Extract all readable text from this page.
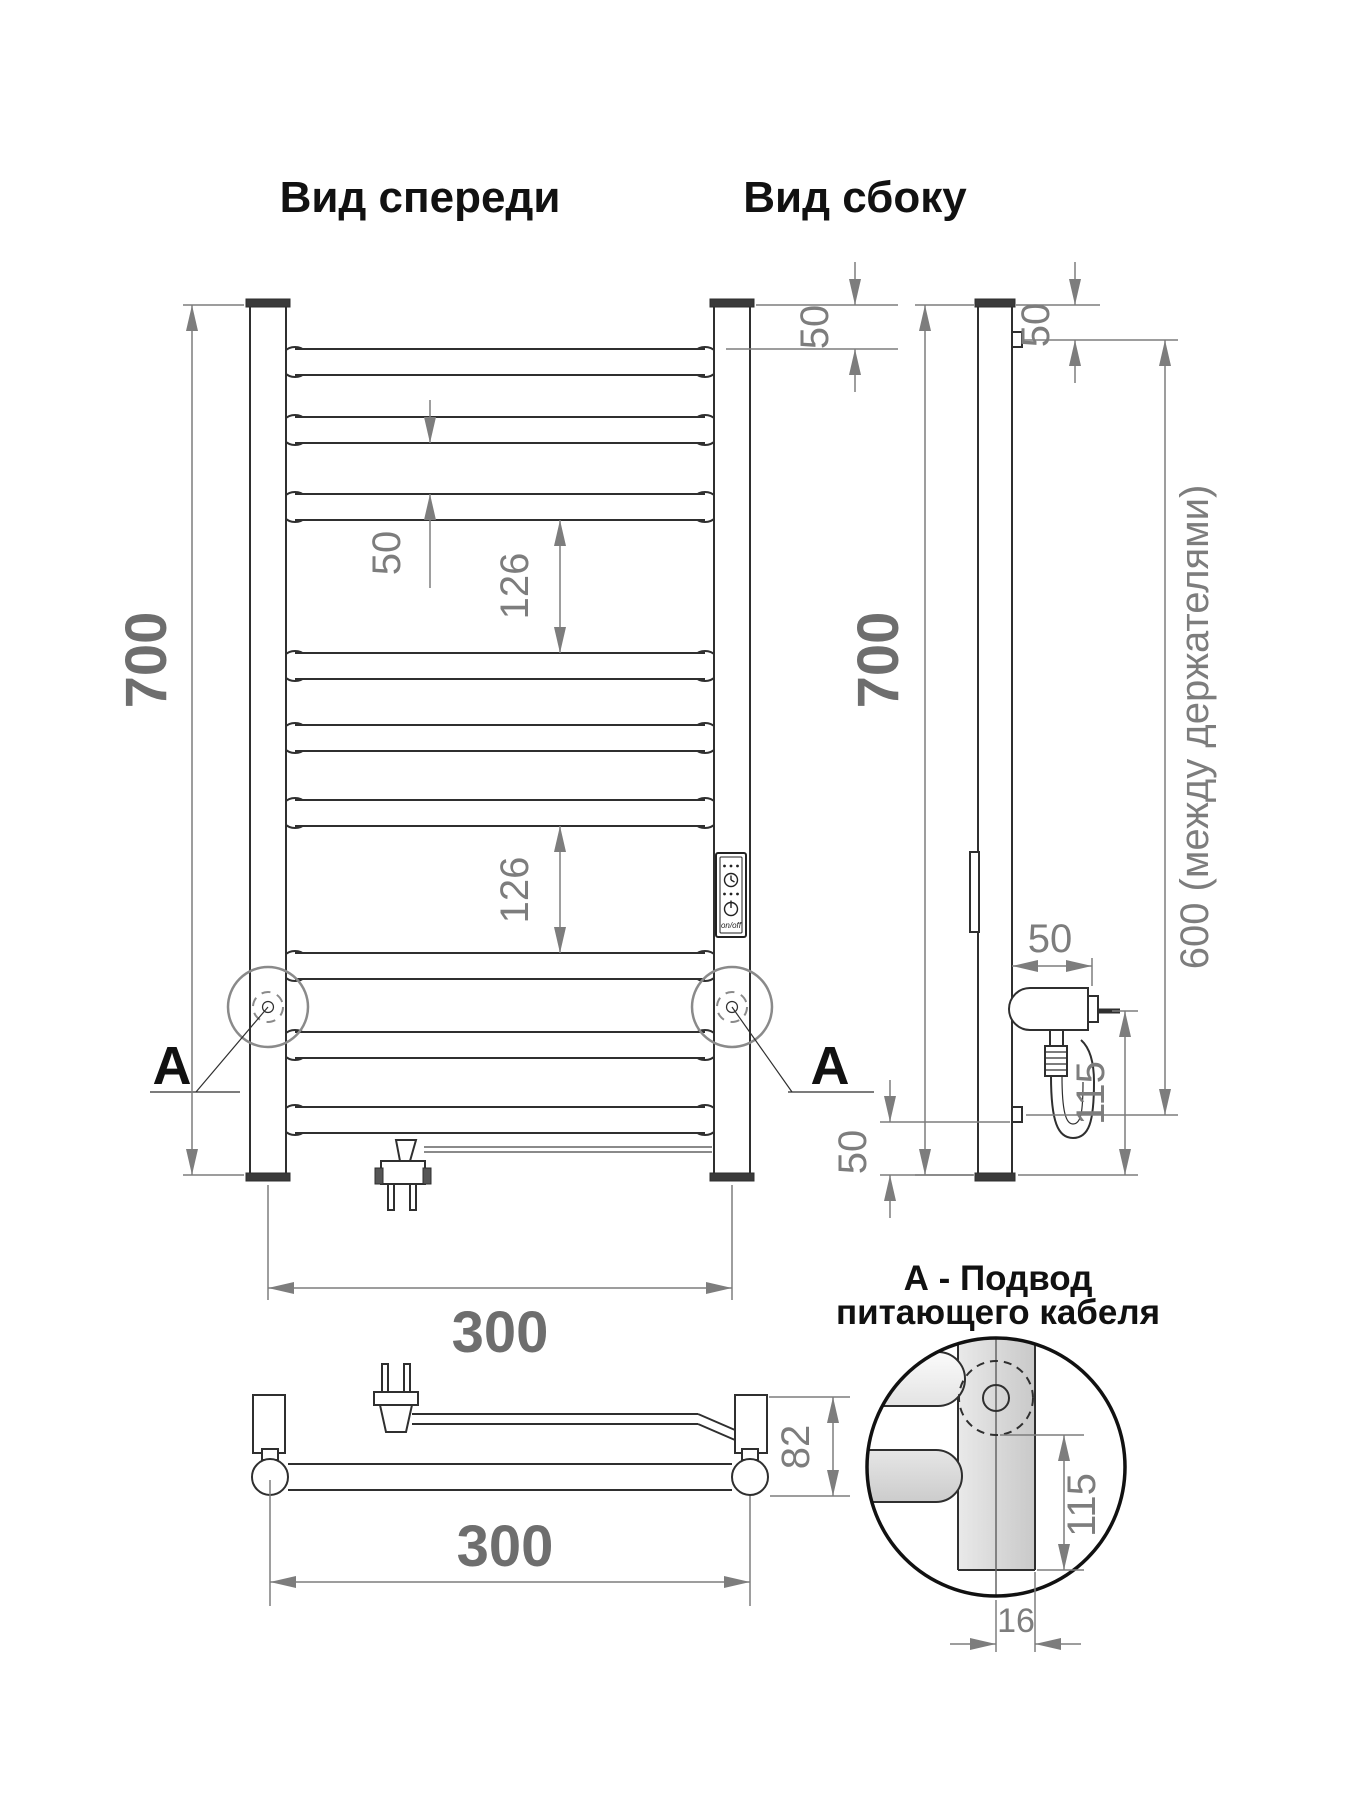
Вид спереди
on/off
А	А
700
50
50 126
126
300
Вид сбоку
50
700	600 (между держателями)
50
115
50
82
300
А - Подвод
питающего кабеля
115
16
